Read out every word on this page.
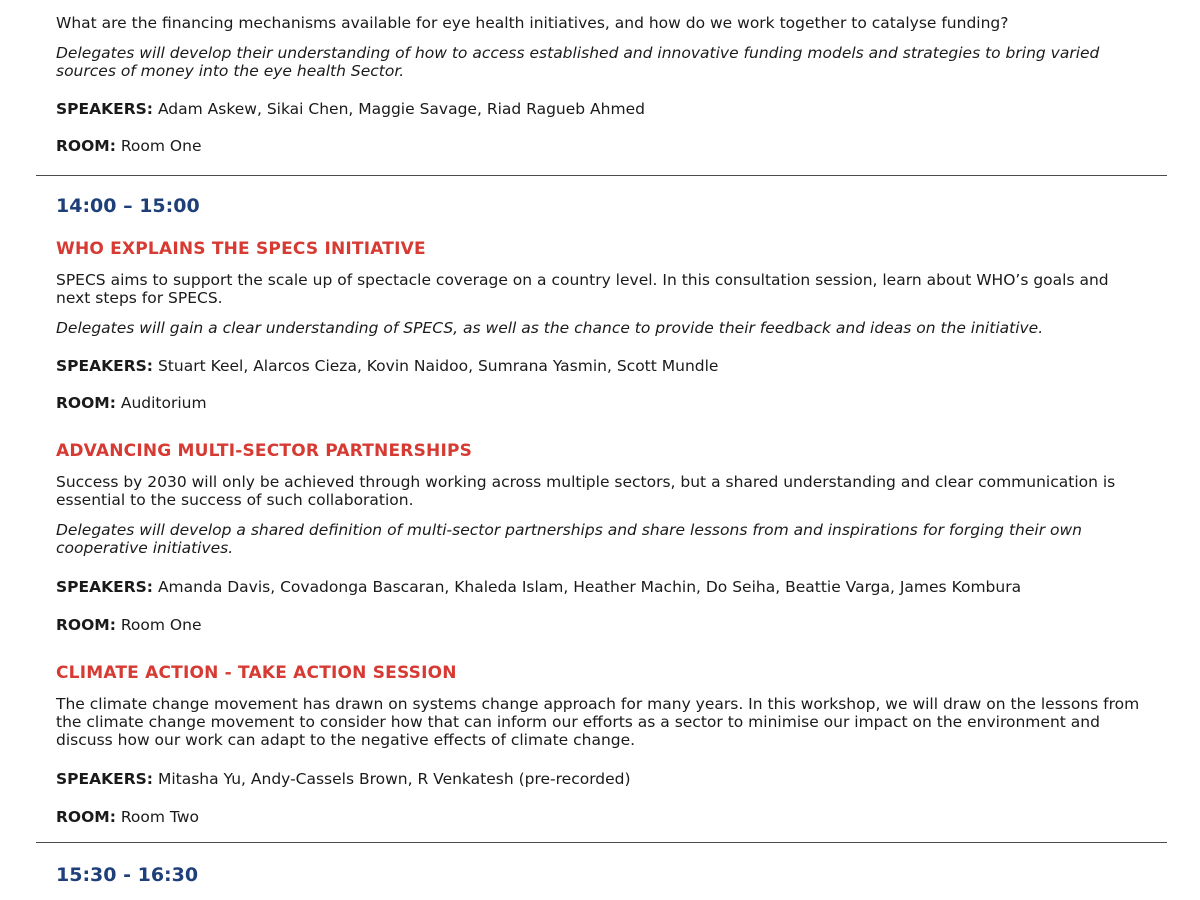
What are the financing mechanisms available for eye health initiatives, and how do we work together to catalyse funding?

Delegates will develop their understanding of how to access established and innovative funding models and strategies to bring varied sources of money into the eye health Sector.

SPEAKERS: Adam Askew, Sikai Chen, Maggie Savage, Riad Ragueb Ahmed

ROOM: Room One

14:00 – 15:00

WHO EXPLAINS THE SPECS INITIATIVE

SPECS aims to support the scale up of spectacle coverage on a country level. In this consultation session, learn about WHO’s goals and next steps for SPECS.

Delegates will gain a clear understanding of SPECS, as well as the chance to provide their feedback and ideas on the initiative.

SPEAKERS: Stuart Keel, Alarcos Cieza, Kovin Naidoo, Sumrana Yasmin, Scott Mundle

ROOM: Auditorium

ADVANCING MULTI-SECTOR PARTNERSHIPS

Success by 2030 will only be achieved through working across multiple sectors, but a shared understanding and clear communication is essential to the success of such collaboration.

Delegates will develop a shared definition of multi-sector partnerships and share lessons from and inspirations for forging their own cooperative initiatives.

SPEAKERS: Amanda Davis, Covadonga Bascaran, Khaleda Islam, Heather Machin, Do Seiha, Beattie Varga, James Kombura

ROOM: Room One

CLIMATE ACTION - TAKE ACTION SESSION

The climate change movement has drawn on systems change approach for many years. In this workshop, we will draw on the lessons from the climate change movement to consider how that can inform our efforts as a sector to minimise our impact on the environment and discuss how our work can adapt to the negative effects of climate change.

SPEAKERS: Mitasha Yu, Andy-Cassels Brown, R Venkatesh (pre-recorded)

ROOM: Room Two

15:30 - 16:30
